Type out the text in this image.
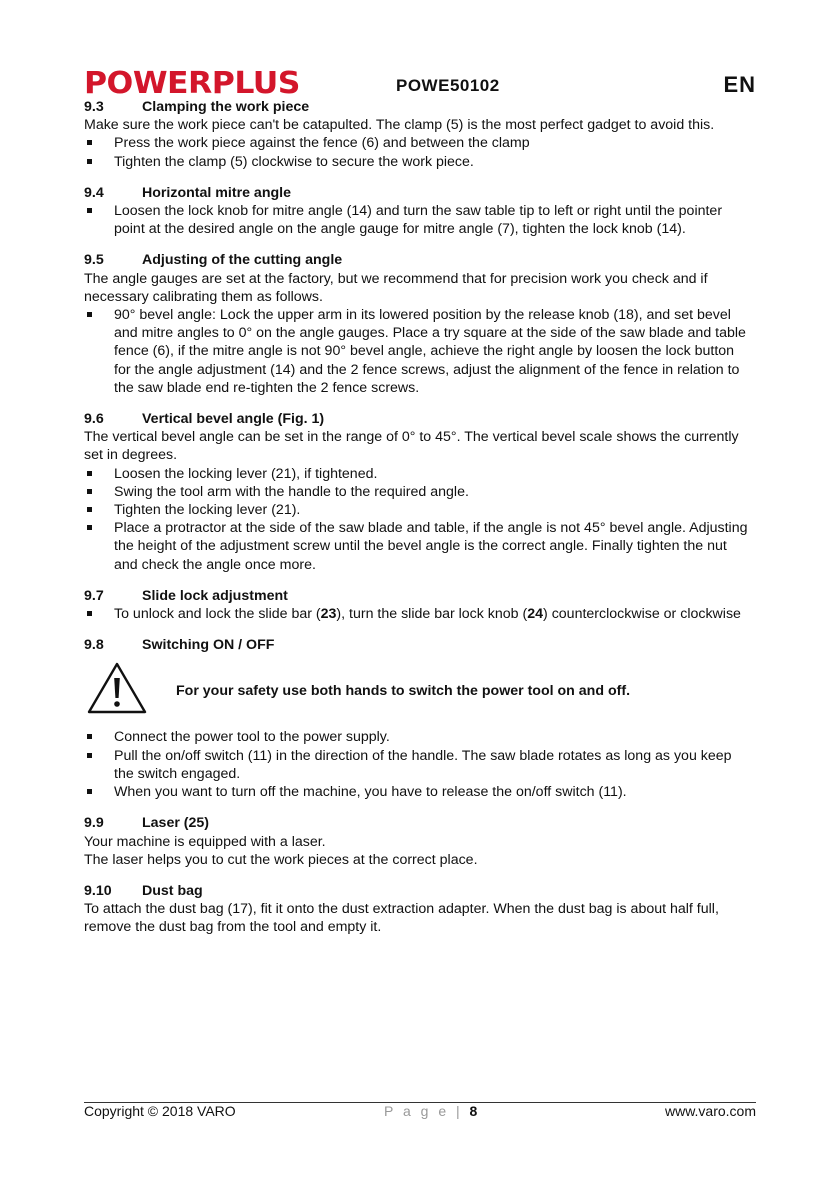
POWERPLUS	POWE50102	EN
9.3	Clamping the work piece

Make sure the work piece can't be catapulted. The clamp (5) is the most perfect gadget to avoid this.

Press the work piece against the fence (6) and between the clamp
Tighten the clamp (5) clockwise to secure the work piece.
9.4	Horizontal mitre angle
Loosen the lock knob for mitre angle (14) and turn the saw table tip to left or right until the pointer point at the desired angle on the angle gauge for mitre angle (7), tighten the lock knob (14).
9.5	Adjusting of the cutting angle

The angle gauges are set at the factory, but we recommend that for precision work you check and if necessary calibrating them as follows.

90° bevel angle: Lock the upper arm in its lowered position by the release knob (18), and set bevel and mitre angles to 0° on the angle gauges. Place a try square at the side of the saw blade and table fence (6), if the mitre angle is not 90° bevel angle, achieve the right angle by loosen the lock button for the angle adjustment (14) and the 2 fence screws, adjust the alignment of the fence in relation to the saw blade end re-tighten the 2 fence screws.
9.6	Vertical bevel angle (Fig. 1)

The vertical bevel angle can be set in the range of 0° to 45°. The vertical bevel scale shows the currently set in degrees.

Loosen the locking lever (21), if tightened.
Swing the tool arm with the handle to the required angle.
Tighten the locking lever (21).
Place a protractor at the side of the saw blade and table, if the angle is not 45° bevel angle. Adjusting the height of the adjustment screw until the bevel angle is the correct angle. Finally tighten the nut and check the angle once more.
9.7	Slide lock adjustment
To unlock and lock the slide bar (23), turn the slide bar lock knob (24) counterclockwise or clockwise
9.8	Switching ON / OFF
For your safety use both hands to switch the power tool on and off.
Connect the power tool to the power supply.
Pull the on/off switch (11) in the direction of the handle. The saw blade rotates as long as you keep the switch engaged.
When you want to turn off the machine, you have to release the on/off switch (11).
9.9	Laser (25)

Your machine is equipped with a laser.

The laser helps you to cut the work pieces at the correct place.

9.10	Dust bag

To attach the dust bag (17), fit it onto the dust extraction adapter. When the dust bag is about half full, remove the dust bag from the tool and empty it.

Copyright © 2018 VARO	P a g e | 8	www.varo.com
